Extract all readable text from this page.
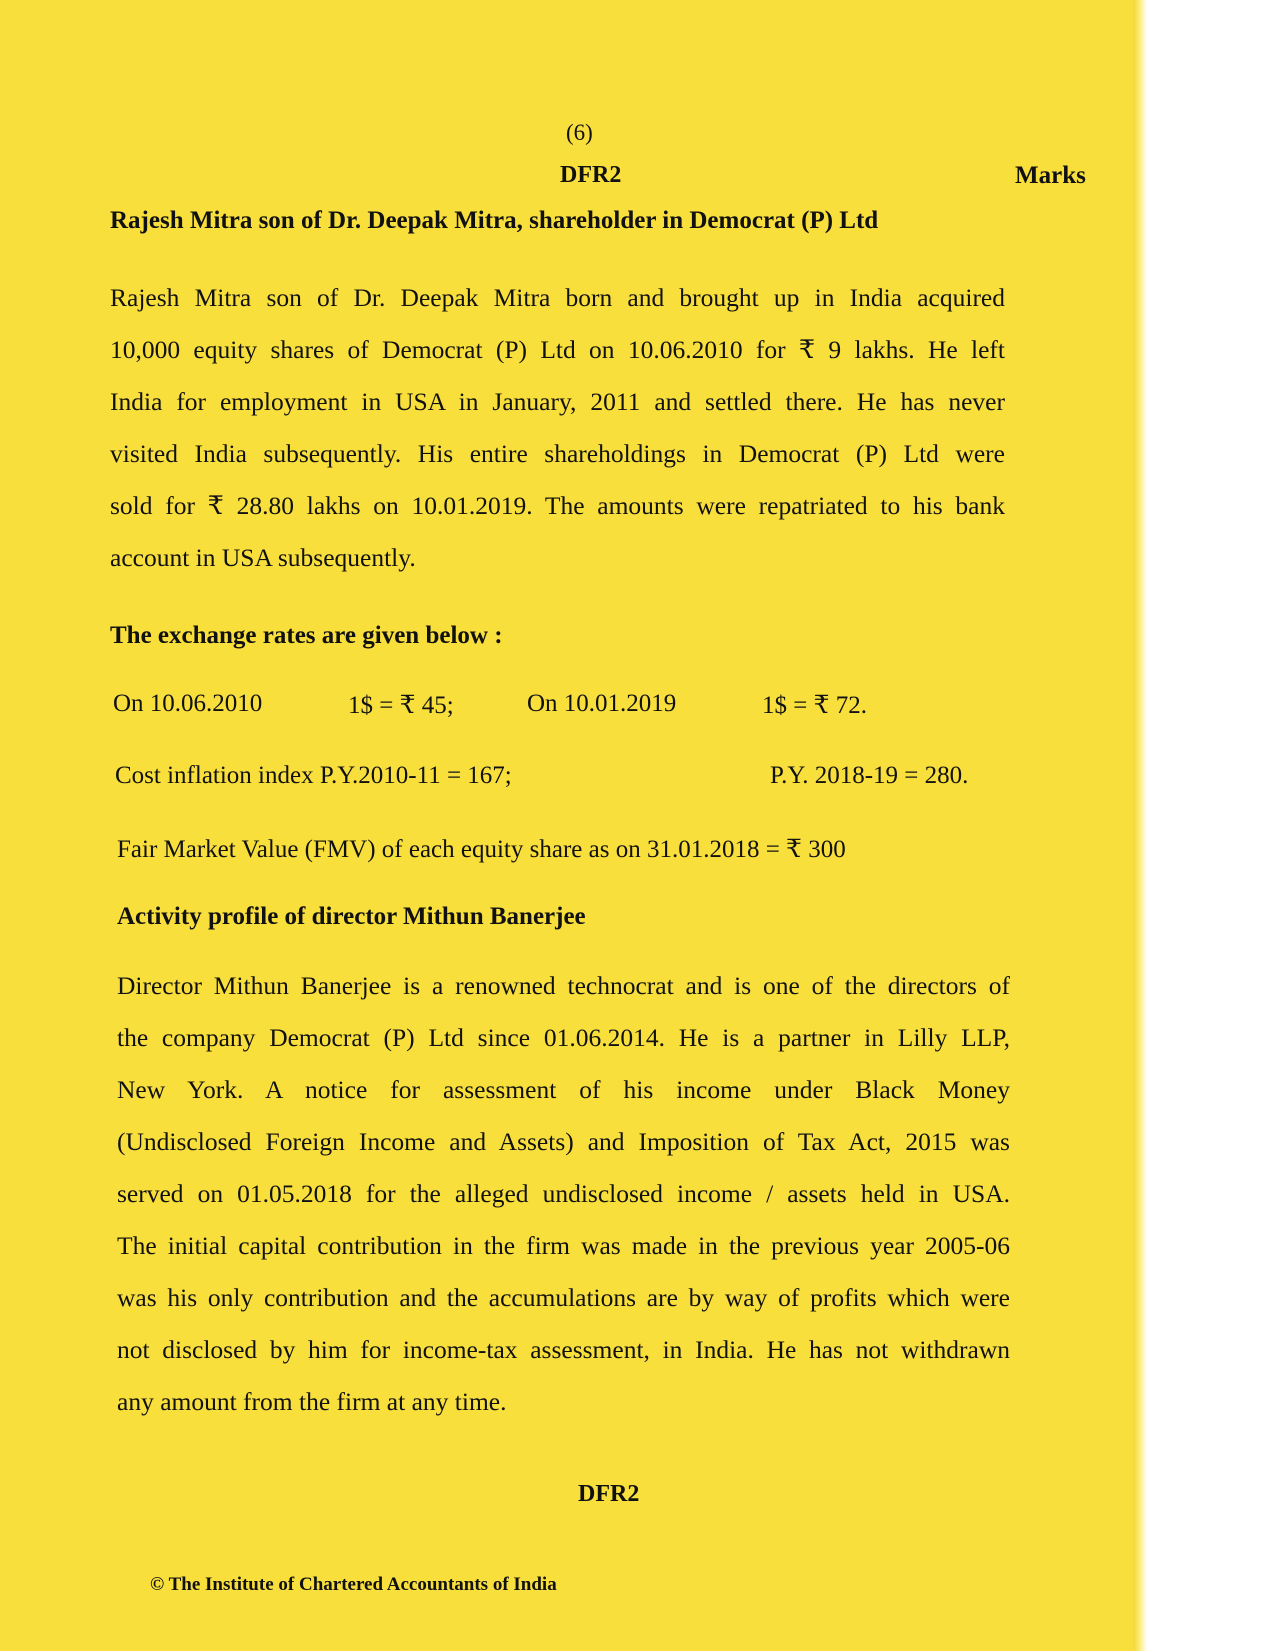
(6)
DFR2	Marks
Rajesh Mitra son of Dr. Deepak Mitra, shareholder in Democrat (P) Ltd
Rajesh Mitra son of Dr. Deepak Mitra born and brought up in India acquired
10,000 equity shares of Democrat (P) Ltd on 10.06.2010 for ₹ 9 lakhs. He left
India for employment in USA in January, 2011 and settled there. He has never
visited India subsequently. His entire shareholdings in Democrat (P) Ltd were
sold for ₹ 28.80 lakhs on 10.01.2019. The amounts were repatriated to his bank
account in USA subsequently.
The exchange rates are given below :
On 10.06.2010	1$ = ₹ 45;	On 10.01.2019	1$ = ₹ 72.
Cost inflation index P.Y.2010-11 = 167;	P.Y. 2018-19 = 280.
Fair Market Value (FMV) of each equity share as on 31.01.2018 = ₹ 300
Activity profile of director Mithun Banerjee
Director Mithun Banerjee is a renowned technocrat and is one of the directors of
the company Democrat (P) Ltd since 01.06.2014. He is a partner in Lilly LLP,
New York. A notice for assessment of his income under Black Money
(Undisclosed Foreign Income and Assets) and Imposition of Tax Act, 2015 was
served on 01.05.2018 for the alleged undisclosed income / assets held in USA.
The initial capital contribution in the firm was made in the previous year 2005-06
was his only contribution and the accumulations are by way of profits which were
not disclosed by him for income-tax assessment, in India. He has not withdrawn
any amount from the firm at any time.
DFR2
© The Institute of Chartered Accountants of India
